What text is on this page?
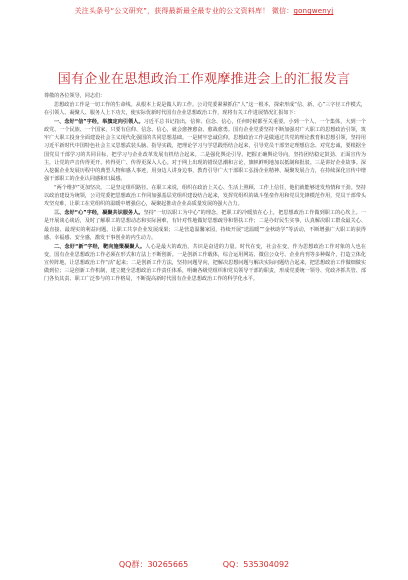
关注头条号“公文研究”，获得最新最全最专业的公文资料库！ 微信：gongwenyj
国有企业在思想政治工作观摩推进会上的汇报发言

尊敬的各位领导，同志们：

思想政治工作是一切工作的生命线。从根本上说是做人的工作。公司党委紧紧抓住“人”这一根本，探索形成“信、新、心”三字径工作模式，在引领人、凝聚人、服务人上下功夫，使实际优新时代国有企业思想政治工作，现将有关工作进展情况汇报如下：

一、念好“信”字经，举旗定向引领人。习近平总书记指出，信仰、信念、信心，任何时候都至关重要。小到一个人、一个集体，大到一个政党、一个民族、一个国家，只要有信仰、信念、信心，就会愈挫愈奋、愈战愈勇。国有企业党委坚持不断加强对广大职工的思想政治引领，筑牢广大职工投身全面建设社会主义现代化强国的共同思想基础。一是树牢忠诚信仰。思想政治工作是做通过共党的理论教育和思想引领，坚持用习近平新时代中国特色社会主义思想武装头脑、指导实践，把理论学习与学思践悟结合起来，引导党员干部坚定理想信念、对党忠诚，要根据全国党员干部学习的共同目标，把学习与企业改革发展有机结合起来。二是强化舆论引导。把握正确舆论导向，坚持团结稳定鼓劲、正面宣传为主，让党的声音传得更开、传得更广、传得更深入人心。对于网上出现的错误思潮和言论，旗帜鲜明地加以抵制和批驳。三是讲好企业故事。深入挖掘企业发展历程中的典型人物和感人事迹，用身边人讲身边事，教育引导广大干部职工弘扬企业精神、凝聚发展合力，在持续深化宣传中增强干部职工的企业认同感和归属感。

“两个维护”更加坚决。二是坚定组织路径。在职工来说，组织在政治上关心、生活上照顾、工作上信任，他们就能够迸发热情和干劲。坚持以政治建设为统领，公司党委把思想政治工作同加强基层党组织建设结合起来，发挥党组织的战斗堡垒作用和党员先锋模范作用，党员干部带头攻坚克难，让职工在党组织的温暖中增强信心，凝聚起推动企业高质量发展的强大合力。

三、念好“心”字经，凝聚共识服务人。坚持“一切以职工为中心”的理念，把职工的冷暖放在心上，把思想政治工作做到职工的心坎上。一是开展谈心谈话，及时了解职工的思想动态和实际困难，有针对性地做好思想疏导和帮扶工作；二是办好民生实事，认真解决职工群众最关心、最直接、最现实的利益问题，让职工共享企业发展成果；三是营造温馨家园，持续开展“送温暖”“金秋助学”等活动，不断增强广大职工的获得感、幸福感、安全感，激发干事创业的内生动力。

二、念好“新”字经，靶向施策凝聚人。人心是最大的政治，共识是奋进的力量。时代在变，社会在变，作为思想政治工作对象的人也在变，国有企业思想政治工作必须在形式和方法上不断创新。一是创新工作载体，综合运用网站、微信公众号、企业内刊等多种媒介，打造立体化宣传阵地，让思想政治工作“活”起来；二是创新工作方法，坚持问题导向，把解决思想问题与解决实际问题结合起来，把思想政治工作做细做实做到位；三是创新工作机制，建立健全思想政治工作责任体系，明确各级党组织和党员领导干部的职责，形成党委统一领导、党政齐抓共管、部门各负其责、职工广泛参与的工作格局，不断提高新时代国有企业思想政治工作的科学化水平。

QQ群：30265665	QQ：535304092
